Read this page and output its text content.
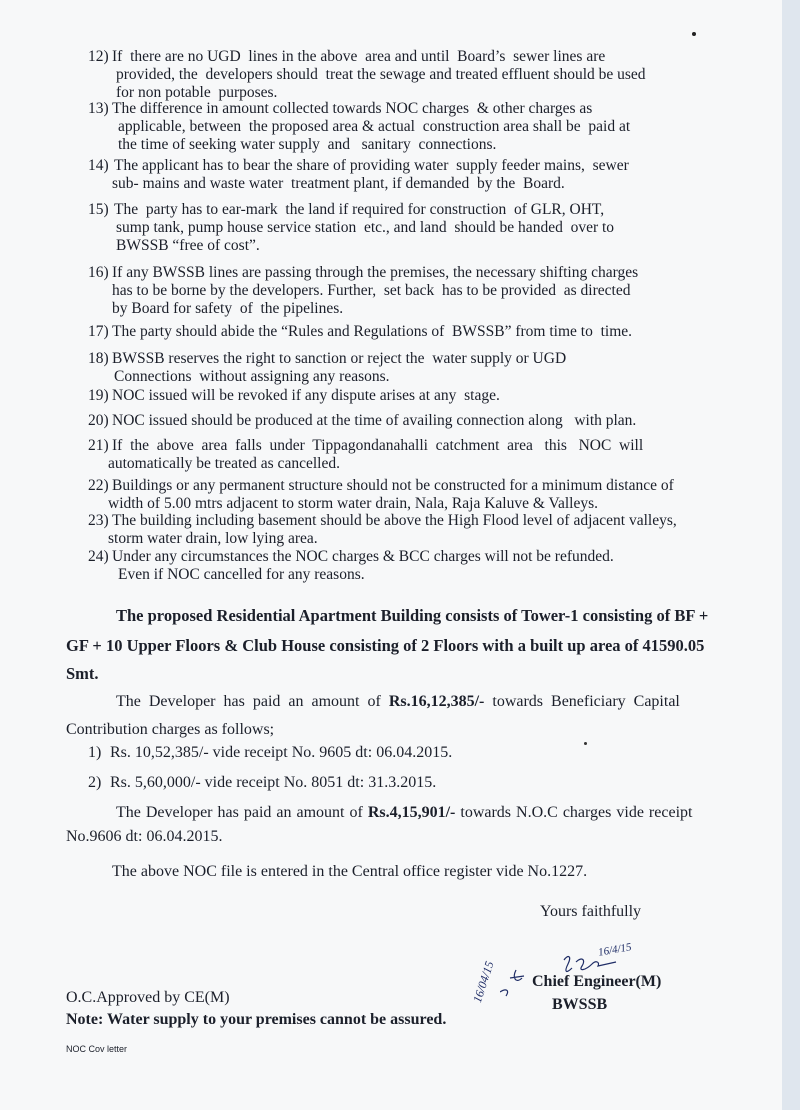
12) If  there are no UGD  lines in the above  area and until  Board’s  sewer lines are
provided, the  developers should  treat the sewage and treated effluent should be used
for non potable  purposes.
13) The difference in amount collected towards NOC charges  & other charges as
applicable, between  the proposed area & actual  construction area shall be  paid at
the time of seeking water supply  and   sanitary  connections.
14) The applicant has to bear the share of providing water  supply feeder mains,  sewer
sub- mains and waste water  treatment plant, if demanded  by the  Board.
15) The  party has to ear-mark  the land if required for construction  of GLR, OHT,
sump tank, pump house service station  etc., and land  should be handed  over to
BWSSB “free of cost”.
16) If any BWSSB lines are passing through the premises, the necessary shifting charges
has to be borne by the developers. Further,  set back  has to be provided  as directed
by Board for safety  of  the pipelines.
17) The party should abide the “Rules and Regulations of  BWSSB” from time to  time.
18) BWSSB reserves the right to sanction or reject the  water supply or UGD
Connections  without assigning any reasons.
19) NOC issued will be revoked if any dispute arises at any  stage.
20) NOC issued should be produced at the time of availing connection along   with plan.
21) If  the  above  area  falls  under  Tippagondanahalli  catchment  area   this   NOC  will
automatically be treated as cancelled.
22) Buildings or any permanent structure should not be constructed for a minimum distance of
width of 5.00 mtrs adjacent to storm water drain, Nala, Raja Kaluve & Valleys.
23) The building including basement should be above the High Flood level of adjacent valleys,
storm water drain, low lying area.
24) Under any circumstances the NOC charges & BCC charges will not be refunded.
Even if NOC cancelled for any reasons.
The proposed Residential Apartment Building consists of Tower-1 consisting of BF +
GF + 10 Upper Floors & Club House consisting of 2 Floors with a built up area of 41590.05
Smt.
The Developer has paid an amount of Rs.16,12,385/- towards Beneficiary Capital
Contribution charges as follows;
1) Rs. 10,52,385/- vide receipt No. 9605 dt: 06.04.2015.
2) Rs. 5,60,000/- vide receipt No. 8051 dt: 31.3.2015.
The Developer has paid an amount of Rs.4,15,901/- towards N.O.C charges vide receipt
No.9606 dt: 06.04.2015.
The above NOC file is entered in the Central office register vide No.1227.
Yours faithfully
16/4/15
16/04/15 Chief Engineer(M)
BWSSB
O.C.Approved by CE(M)
Note: Water supply to your premises cannot be assured.
NOC Cov letter
